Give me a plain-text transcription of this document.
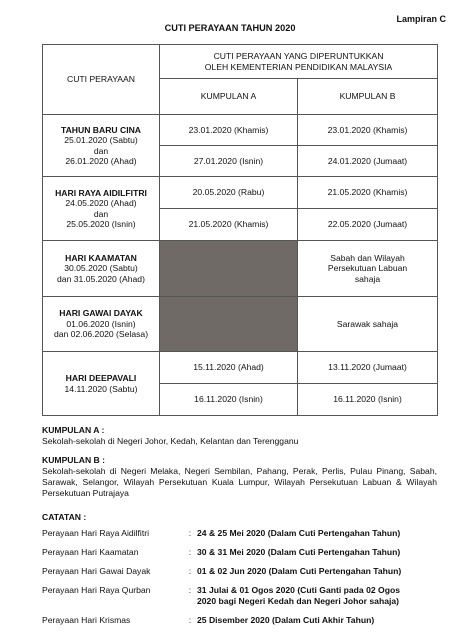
Lampiran C
CUTI PERAYAAN TAHUN 2020
CUTI PERAYAAN	CUTI PERAYAAN YANG DIPERUNTUKKAN
OLEH KEMENTERIAN PENDIDIKAN MALAYSIA	

	KUMPULAN A	KUMPULAN B

TAHUN BARU CINA
25.01.2020 (Sabtu)
dan
26.01.2020 (Ahad)	23.01.2020 (Khamis)	23.01.2020 (Khamis)
	27.01.2020 (Isnin)	24.01.2020 (Jumaat)

HARI RAYA AIDILFITRI
24.05.2020 (Ahad)
dan
25.05.2020 (Isnin)	20.05.2020 (Rabu)	21.05.2020 (Khamis)
	21.05.2020 (Khamis)	22.05.2020 (Jumaat)

HARI KAAMATAN
30.05.2020 (Sabtu)
dan 31.05.2020 (Ahad)		Sabah dan Wilayah
Persekutuan Labuan
sahaja

HARI GAWAI DAYAK
01.06.2020 (Isnin)
dan 02.06.2020 (Selasa)		Sarawak sahaja

HARI DEEPAVALI
14.11.2020 (Sabtu)	15.11.2020 (Ahad)	13.11.2020 (Jumaat)
	16.11.2020 (Isnin)	16.11.2020 (Isnin)
KUMPULAN A :
Sekolah-sekolah di Negeri Johor, Kedah, Kelantan dan Terengganu
KUMPULAN B :
Sekolah-sekolah di Negeri Melaka, Negeri Sembilan, Pahang, Perak, Perlis, Pulau Pinang, Sabah, Sarawak, Selangor, Wilayah Persekutuan Kuala Lumpur, Wilayah Persekutuan Labuan & Wilayah Persekutuan Putrajaya
CATATAN :
Perayaan Hari Raya Aidilfitri	:	24 & 25 Mei 2020 (Dalam Cuti Pertengahan Tahun)
Perayaan Hari Kaamatan	:	30 & 31 Mei 2020 (Dalam Cuti Pertengahan Tahun)
Perayaan Hari Gawai Dayak	:	01 & 02 Jun 2020 (Dalam Cuti Pertengahan Tahun)
Perayaan Hari Raya Qurban	:	31 Julai & 01 Ogos 2020 (Cuti Ganti pada 02 Ogos
2020 bagi Negeri Kedah dan Negeri Johor sahaja)

Perayaan Hari Krismas	:	25 Disember 2020 (Dalam Cuti Akhir Tahun)
